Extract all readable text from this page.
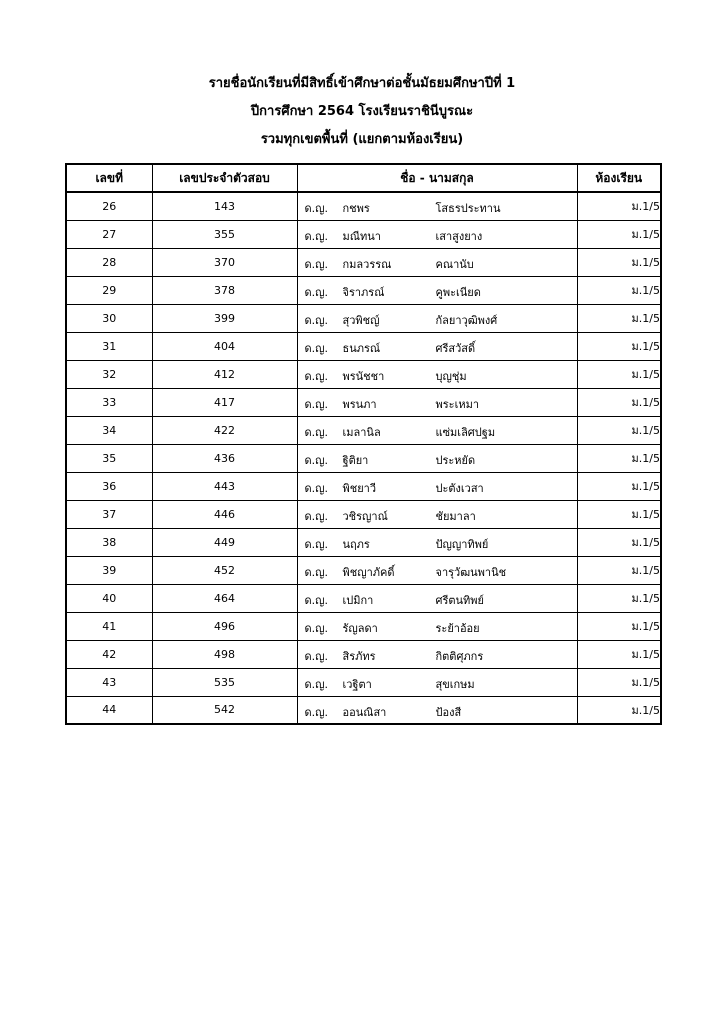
รายชื่อนักเรียนที่มีสิทธิ์เข้าศึกษาต่อชั้นมัธยมศึกษาปีที่ 1
ปีการศึกษา 2564 โรงเรียนราชินีบูรณะ
รวมทุกเขตพื้นที่ (แยกตามห้องเรียน)
เลขที่	เลขประจำตัวสอบ	ชื่อ - นามสกุล	ห้องเรียน
26	143	ด.ญ. กชพร โสธรประทาน	ม.1/5
27	355	ด.ญ. มณีทนา เสาสูงยาง	ม.1/5
28	370	ด.ญ. กมลวรรณ คณานับ	ม.1/5
29	378	ด.ญ. จิราภรณ์ คูพะเนียด	ม.1/5
30	399	ด.ญ. สุวพิชญ์ กัลยาวุฒิพงศ์	ม.1/5
31	404	ด.ญ. ธนภรณ์ ศรีสวัสดิ์	ม.1/5
32	412	ด.ญ. พรนัชชา บุญชุ่ม	ม.1/5
33	417	ด.ญ. พรนภา พระเหมา	ม.1/5
34	422	ด.ญ. เมลานิล แซ่มเลิศปฐม	ม.1/5
35	436	ด.ญ. ฐิติยา ประหยัด	ม.1/5
36	443	ด.ญ. พิชยาวี ปะตังเวสา	ม.1/5
37	446	ด.ญ. วชิรญาณ์ ชัยมาลา	ม.1/5
38	449	ด.ญ. นฤภร ปัญญาทิพย์	ม.1/5
39	452	ด.ญ. พิชญาภัคดิ์ จารุวัฒนพานิช	ม.1/5
40	464	ด.ญ. เปมิกา ศรีตนทิพย์	ม.1/5
41	496	ด.ญ. รัญลดา ระย้าอ้อย	ม.1/5
42	498	ด.ญ. สิรภัทร กิตติศุภกร	ม.1/5
43	535	ด.ญ. เวฐิตา สุขเกษม	ม.1/5
44	542	ด.ญ. ออนณิสา ป้องสี	ม.1/5
